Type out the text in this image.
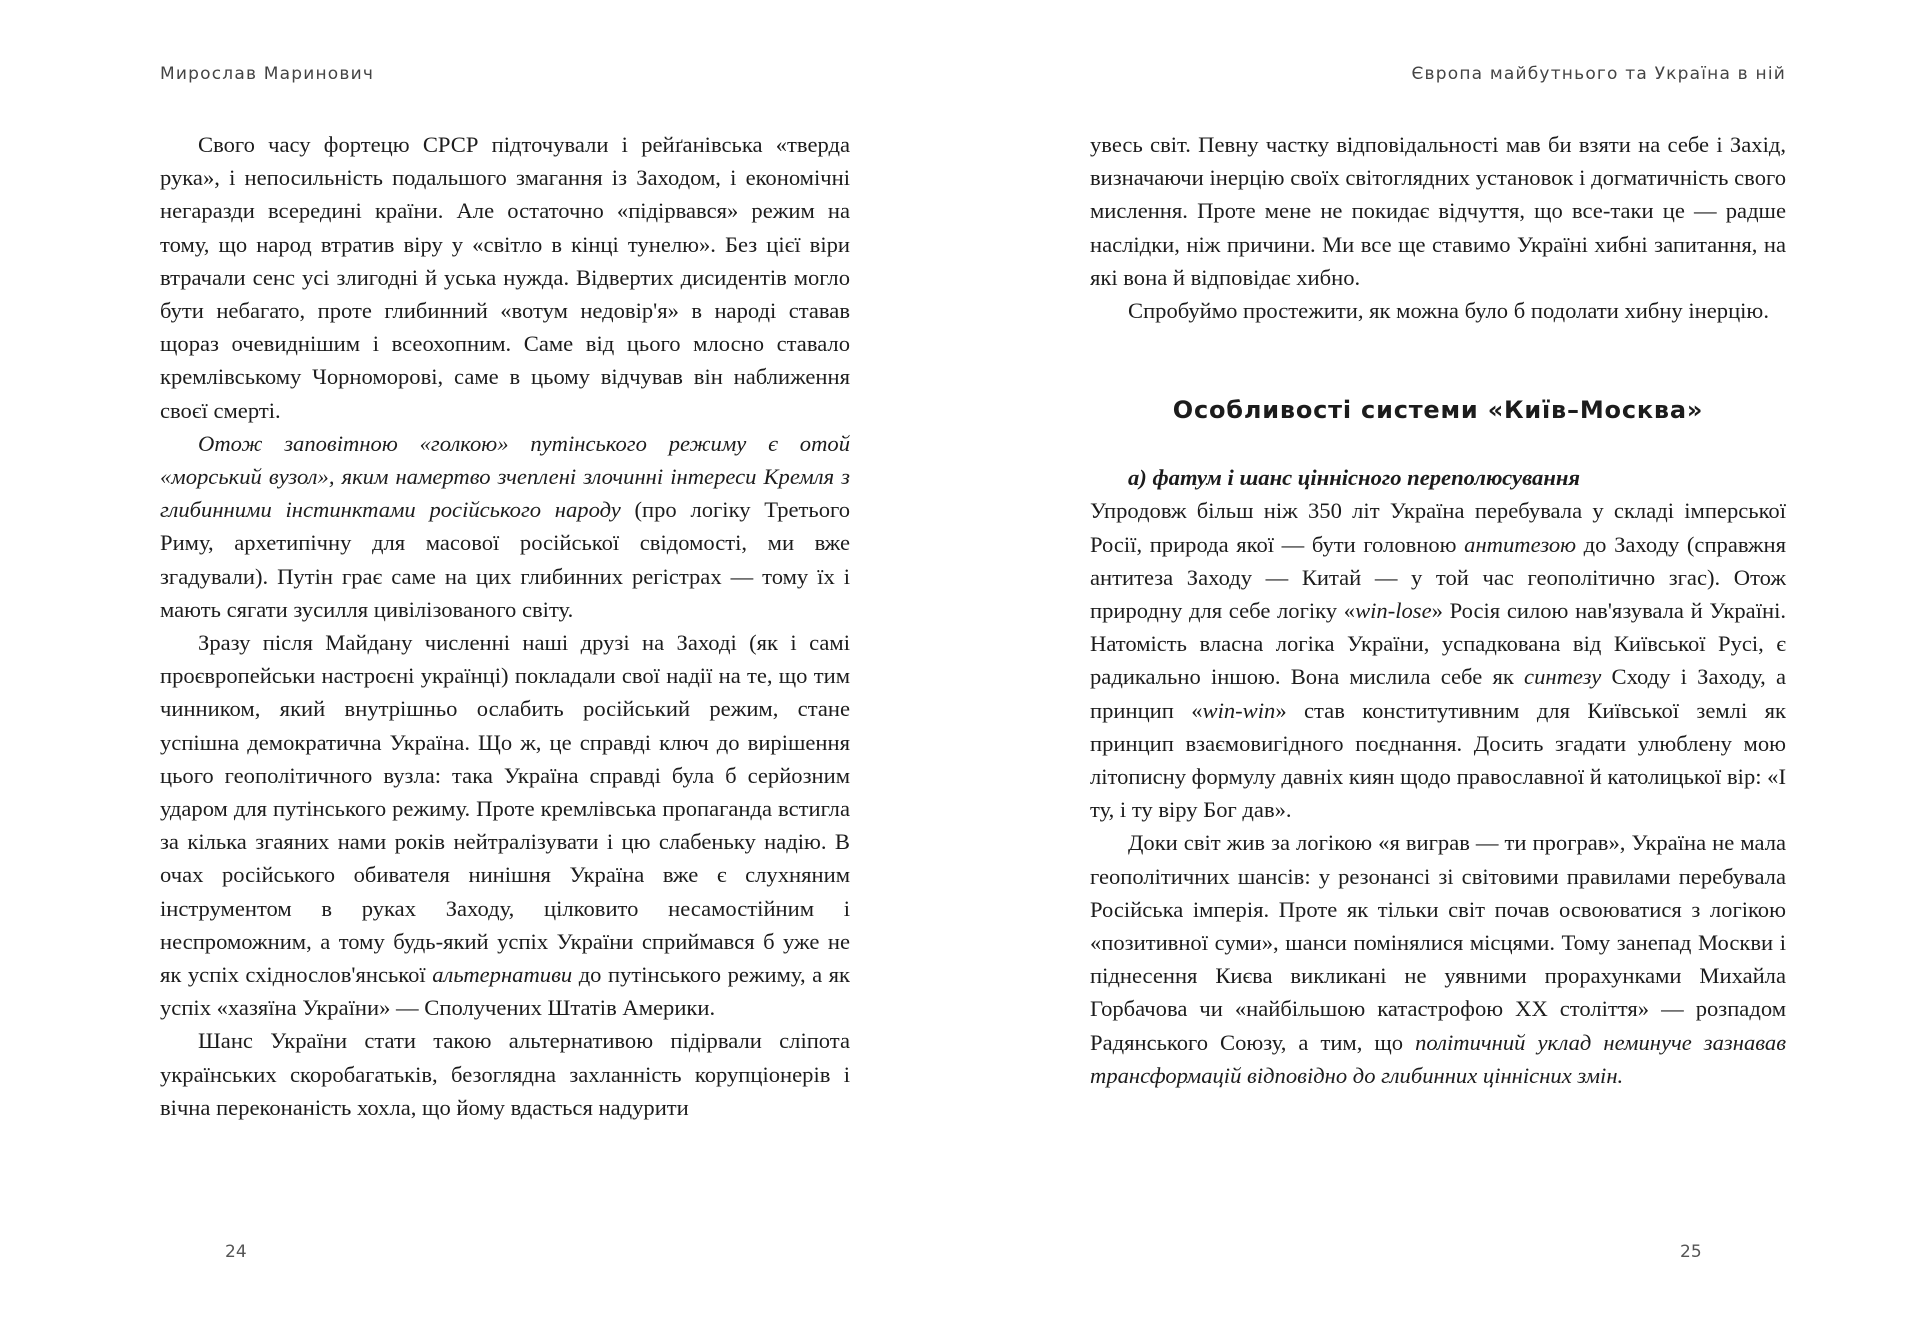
Мирослав Маринович

Свого часу фортецю СРСР підточували і рейґанівська «тверда рука», і непосильність подальшого змагання із Заходом, і економічні негаразди всередині країни. Але остаточно «підірвався» режим на тому, що народ втратив віру у «світло в кінці тунелю». Без цієї віри втрачали сенс усі злигодні й уська нужда. Відвертих дисидентів могло бути небагато, проте глибинний «вотум недовір'я» в народі ставав щораз очевиднішим і всеохопним. Саме від цього млосно ставало кремлівському Чорноморові, саме в цьому відчував він наближення своєї смерті.

Отож заповітною «голкою» путінського режиму є отой «морський вузол», яким намертво зчеплені злочинні інтереси Кремля з глибинними інстинктами російського народу (про логіку Третього Риму, архетипічну для масової російської свідомості, ми вже згадували). Путін грає саме на цих глибинних регістрах — тому їх і мають сягати зусилля цивілізованого світу.

Зразу після Майдану численні наші друзі на Заході (як і самі проєвропейськи настроєні українці) покладали свої надії на те, що тим чинником, який внутрішньо ослабить російський режим, стане успішна демократична Україна. Що ж, це справді ключ до вирішення цього геополітичного вузла: така Україна справді була б серйозним ударом для путінського режиму. Проте кремлівська пропаганда встигла за кілька згаяних нами років нейтралізувати і цю слабеньку надію. В очах російського обивателя нинішня Україна вже є слухняним інструментом в руках Заходу, цілковито несамостійним і неспроможним, а тому будь-який успіх України сприймався б уже не як успіх східнослов'янської альтернативи до путінського режиму, а як успіх «хазяїна України» — Сполучених Штатів Америки.

Шанс України стати такою альтернативою підірвали сліпота українських скоробагатьків, безоглядна захланність корупціонерів і вічна переконаність хохла, що йому вдасться надурити

24
Європа майбутнього та Україна в ній

увесь світ. Певну частку відповідальності мав би взяти на себе і Захід, визначаючи інерцію своїх світоглядних установок і догматичність свого мислення. Проте мене не покидає відчуття, що все-таки це — радше наслідки, ніж причини. Ми все ще ставимо Україні хибні запитання, на які вона й відповідає хибно.

Спробуймо простежити, як можна було б подолати хибну інерцію.

Особливості системи «Київ–Москва»

а) фатум і шанс ціннісного переполюсування

Упродовж більш ніж 350 літ Україна перебувала у складі імперської Росії, природа якої — бути головною антитезою до Заходу (справжня антитеза Заходу — Китай — у той час геополітично згас). Отож природну для себе логіку «win-lose» Росія силою нав'язувала й Україні. Натомість власна логіка України, успадкована від Київської Русі, є радикально іншою. Вона мислила себе як синтезу Сходу і Заходу, а принцип «win-win» став конститутивним для Київської землі як принцип взаємовигідного поєднання. Досить згадати улюблену мою літописну формулу давніх киян щодо православної й католицької вір: «І ту, і ту віру Бог дав».

Доки світ жив за логікою «я виграв — ти програв», Україна не мала геополітичних шансів: у резонансі зі світовими правилами перебувала Російська імперія. Проте як тільки світ почав освоюватися з логікою «позитивної суми», шанси помінялися місцями. Тому занепад Москви і піднесення Києва викликані не уявними прорахунками Михайла Горбачова чи «найбільшою катастрофою XX століття» — розпадом Радянського Союзу, а тим, що політичний уклад неминуче зазнавав трансформацій відповідно до глибинних ціннісних змін.

25
